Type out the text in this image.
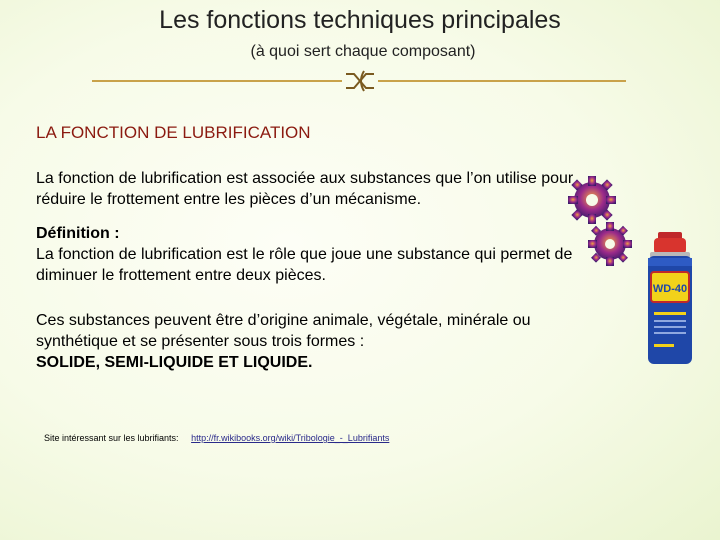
Les fonctions techniques principales
(à quoi sert chaque composant)
LA FONCTION DE LUBRIFICATION

La fonction de lubrification est associée aux substances que l’on utilise pour réduire le frottement entre les pièces d’un mécanisme.

Définition :
La fonction de lubrification est le rôle que joue une substance qui permet de diminuer le frottement entre deux pièces.
Ces substances peuvent être d’origine animale, végétale, minérale ou synthétique et se présenter sous trois formes :
SOLIDE, SEMI-LIQUIDE ET LIQUIDE.
Site intéressant sur les lubrifiants: http://fr.wikibooks.org/wiki/Tribologie_-_Lubrifiants
WD-40
